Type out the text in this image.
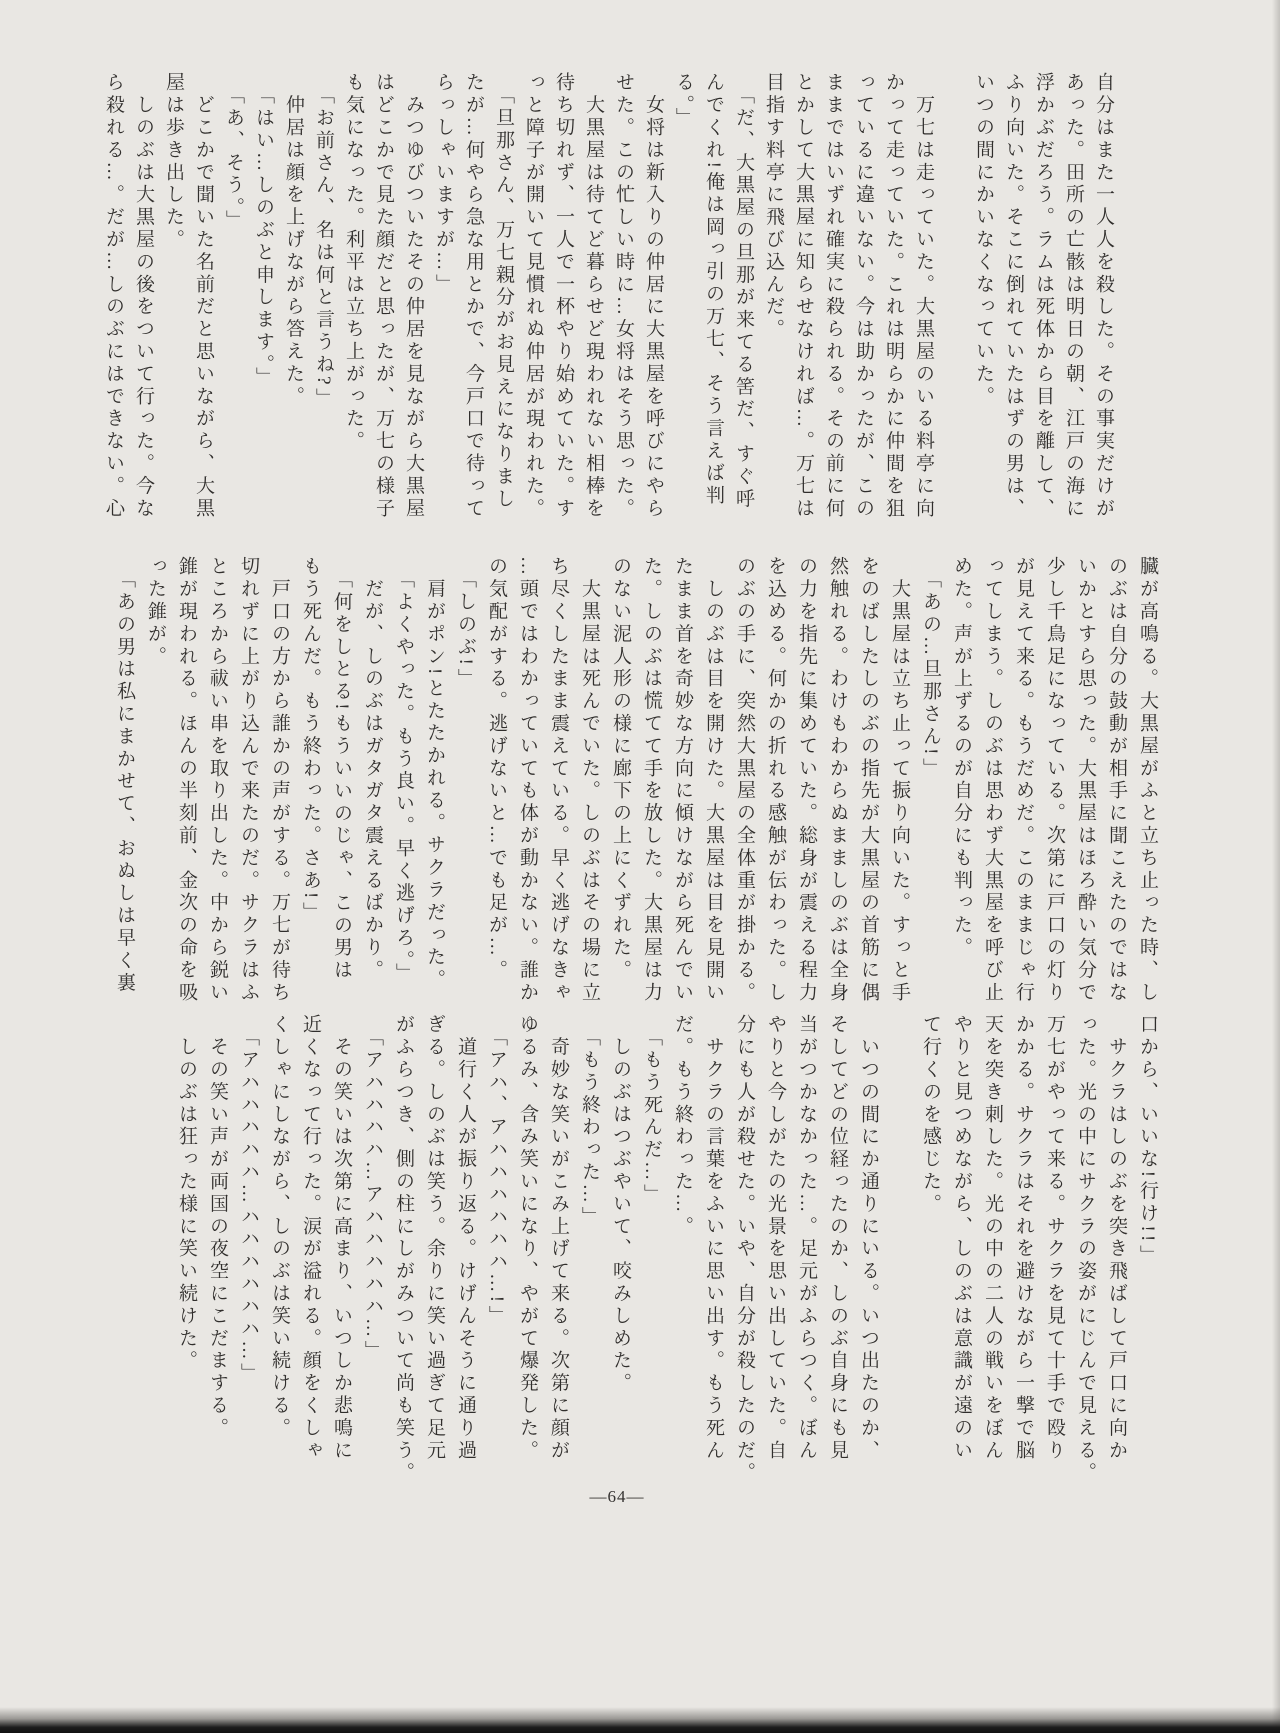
自分はまた一人人を殺した。その事実だけが
あった。田所の亡骸は明日の朝、江戸の海に
浮かぶだろう。ラムは死体から目を離して、
ふり向いた。そこに倒れていたはずの男は、
いつの間にかいなくなっていた。

　万七は走っていた。大黒屋のいる料亭に向
かって走っていた。これは明らかに仲間を狙
っているに違いない。今は助かったが、この
ままではいずれ確実に殺られる。その前に何
とかして大黒屋に知らせなければ…。万七は
目指す料亭に飛び込んだ。
　「だ、大黒屋の旦那が来てる筈だ、すぐ呼
んでくれ!俺は岡っ引の万七、そう言えば判
る。」
　女将は新入りの仲居に大黒屋を呼びにやら
せた。この忙しい時に…女将はそう思った。
　大黒屋は待てど暮らせど現われない相棒を
待ち切れず、一人で一杯やり始めていた。す
っと障子が開いて見慣れぬ仲居が現われた。
　「旦那さん、万七親分がお見えになりまし
たが…何やら急な用とかで、今戸口で待って
らっしゃいますが…」
　みつゆびついたその仲居を見ながら大黒屋
はどこかで見た顔だと思ったが、万七の様子
も気になった。利平は立ち上がった。
　「お前さん、名は何と言うね?」
　仲居は顔を上げながら答えた。
　「はい…しのぶと申します。」
　「あ、そう。」
　どこかで聞いた名前だと思いながら、大黒
屋は歩き出した。
　しのぶは大黒屋の後をついて行った。今な
ら殺れる…。だが…しのぶにはできない。心
臓が高鳴る。大黒屋がふと立ち止った時、し
のぶは自分の鼓動が相手に聞こえたのではな
いかとすら思った。大黒屋はほろ酔い気分で
少し千鳥足になっている。次第に戸口の灯り
が見えて来る。もうだめだ。このままじゃ行
ってしまう。しのぶは思わず大黒屋を呼び止
めた。声が上ずるのが自分にも判った。
　「あの…旦那さん!」
　大黒屋は立ち止って振り向いた。すっと手
をのばしたしのぶの指先が大黒屋の首筋に偶
然触れる。わけもわからぬまましのぶは全身
の力を指先に集めていた。総身が震える程力
を込める。何かの折れる感触が伝わった。し
のぶの手に、突然大黒屋の全体重が掛かる。
　しのぶは目を開けた。大黒屋は目を見開い
たまま首を奇妙な方向に傾けながら死んでい
た。しのぶは慌てて手を放した。大黒屋は力
のない泥人形の様に廊下の上にくずれた。
　大黒屋は死んでいた。しのぶはその場に立
ち尽くしたまま震えている。早く逃げなきゃ
…頭ではわかっていても体が動かない。誰か
の気配がする。逃げないと…でも足が…。
　「しのぶ!」
　肩がポン!とたたかれる。サクラだった。
　「よくやった。もう良い。早く逃げろ。」
　だが、しのぶはガタガタ震えるばかり。
　「何をしとる!もういいのじゃ、この男は
もう死んだ。もう終わった。さあ!」
　戸口の方から誰かの声がする。万七が待ち
切れずに上がり込んで来たのだ。サクラはふ
ところから祓い串を取り出した。中から鋭い
錐が現われる。ほんの半刻前、金次の命を吸
った錐が。
　「あの男は私にまかせて、おぬしは早く裏
口から、いいな!行け!!」
　サクラはしのぶを突き飛ばして戸口に向か
った。光の中にサクラの姿がにじんで見える。
万七がやって来る。サクラを見て十手で殴り
かかる。サクラはそれを避けながら一撃で脳
天を突き刺した。光の中の二人の戦いをぼん
やりと見つめながら、しのぶは意識が遠のい
て行くのを感じた。

　いつの間にか通りにいる。いつ出たのか、
そしてどの位経ったのか、しのぶ自身にも見
当がつかなかった…。足元がふらつく。ぼん
やりと今しがたの光景を思い出していた。自
分にも人が殺せた。いや、自分が殺したのだ。
　サクラの言葉をふいに思い出す。もう死ん
だ。もう終わった…。
　「もう死んだ…」
　しのぶはつぶやいて、咬みしめた。
　「もう終わった…」
　奇妙な笑いがこみ上げて来る。次第に顔が
ゆるみ、含み笑いになり、やがて爆発した。
　「アハ、アハハハハハハ…!」
　道行く人が振り返る。けげんそうに通り過
ぎる。しのぶは笑う。余りに笑い過ぎて足元
がふらつき、側の柱にしがみついて尚も笑う。
　「アハハハハ…アハハハハハ…」
　その笑いは次第に高まり、いつしか悲鳴に
近くなって行った。涙が溢れる。顔をくしゃ
くしゃにしながら、しのぶは笑い続ける。
　「アハハハハハ…ハハハハハハ…」
　その笑い声が両国の夜空にこだまする。
　しのぶは狂った様に笑い続けた。
―64―
